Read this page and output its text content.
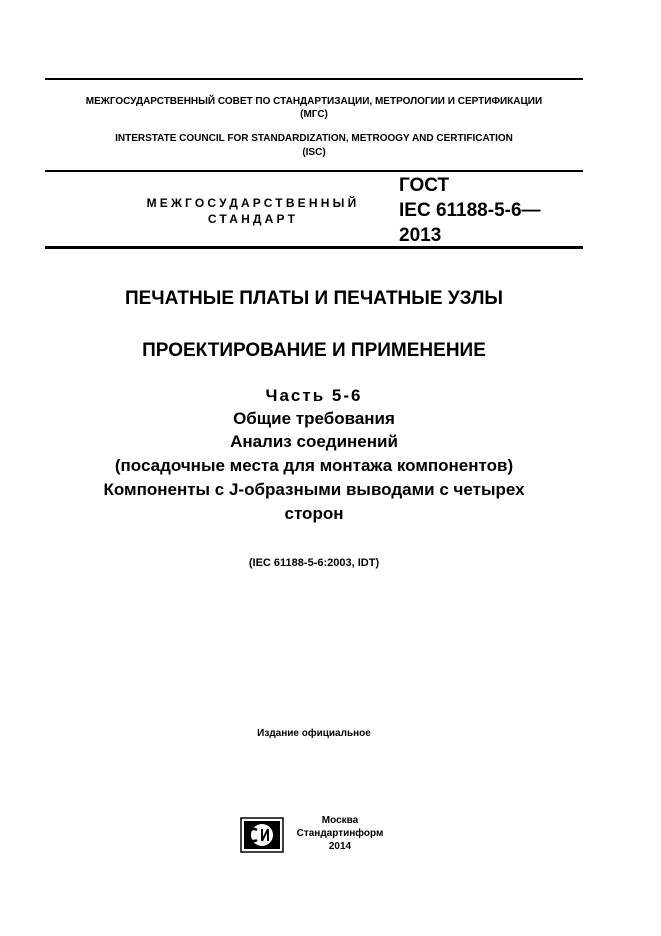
МЕЖГОСУДАРСТВЕННЫЙ СОВЕТ ПО СТАНДАРТИЗАЦИИ, МЕТРОЛОГИИ И СЕРТИФИКАЦИИ
(МГС)
INTERSTATE COUNCIL FOR STANDARDIZATION, METROOGY AND CERTIFICATION
(ISC)
МЕЖГОСУДАРСТВЕННЫЙ
СТАНДАРТ
ГОСТ
IEC 61188-5-6—
2013
ПЕЧАТНЫЕ ПЛАТЫ И ПЕЧАТНЫЕ УЗЛЫ
ПРОЕКТИРОВАНИЕ И ПРИМЕНЕНИЕ
Часть 5-6
Общие требования
Анализ соединений
(посадочные места для монтажа компонентов)
Компоненты с J-образными выводами с четырех
сторон
(IEC 61188-5-6:2003, IDT)
Издание официальное
Москва
Стандартинформ
2014
